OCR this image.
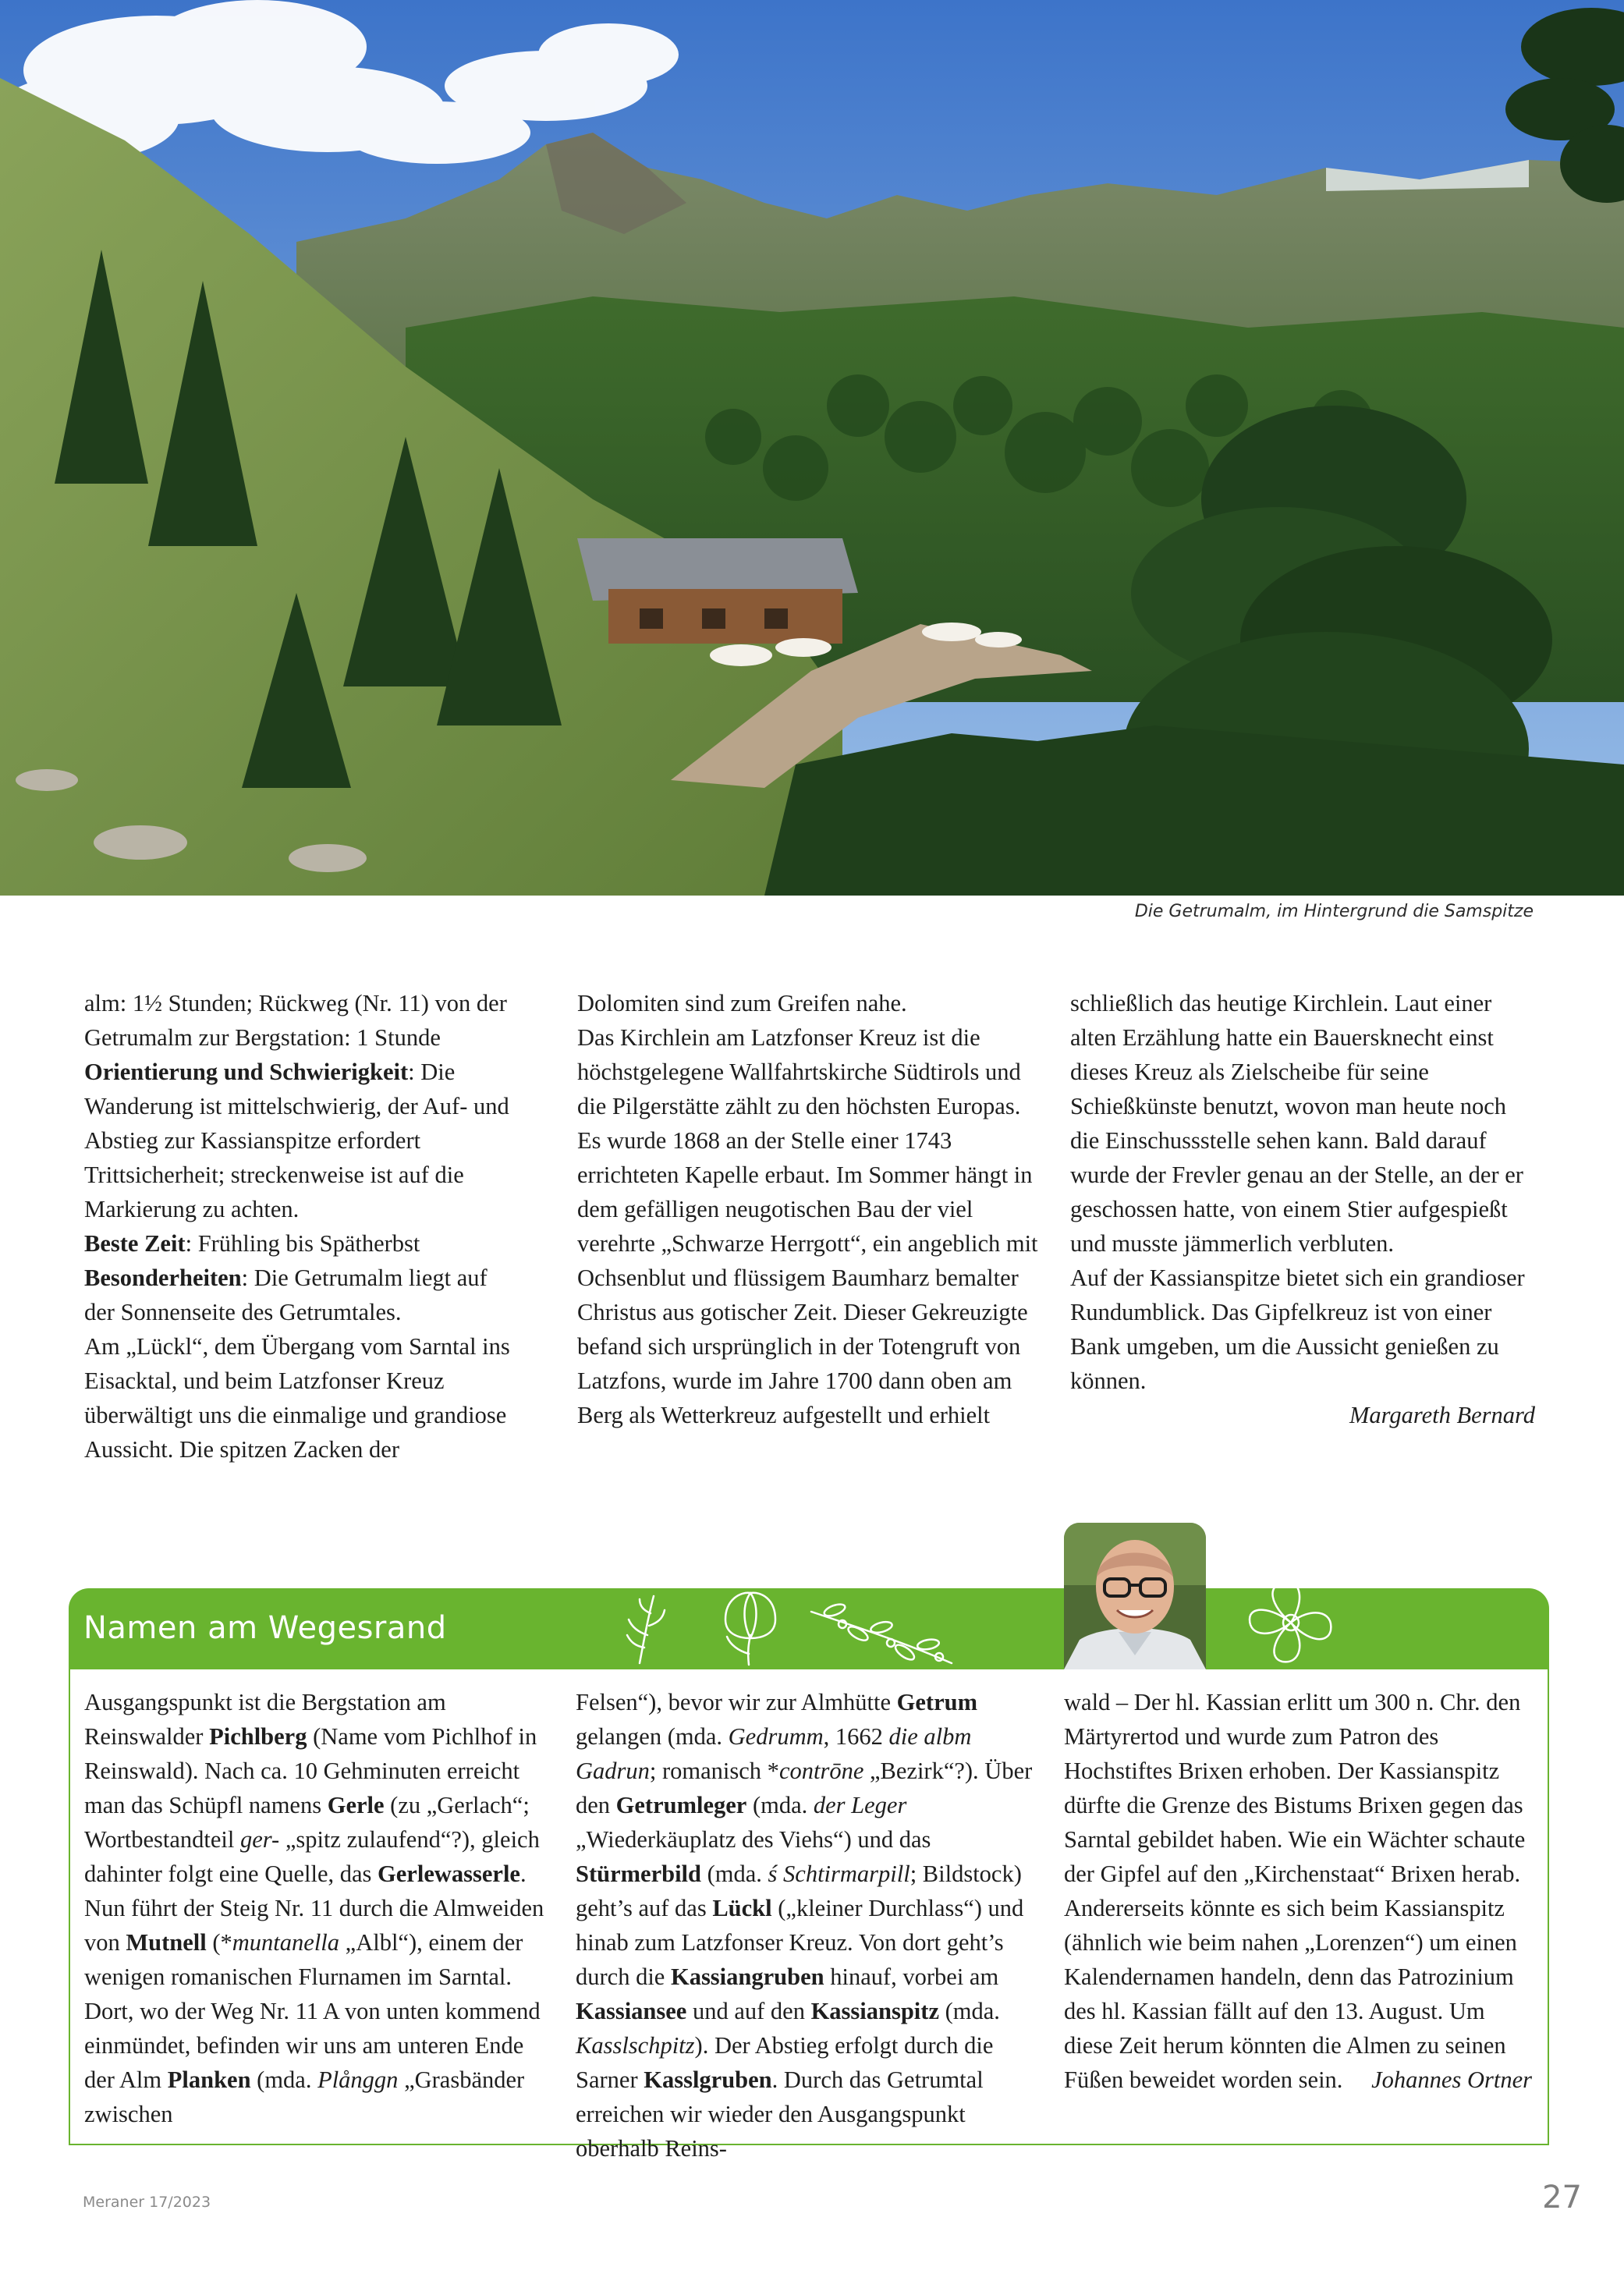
Die Getrumalm, im Hintergrund die Samspitze

alm: 1½ Stunden; Rückweg (Nr. 11) von der Getrumalm zur Bergstation: 1 Stunde

Orientierung und Schwierigkeit: Die Wanderung ist mittelschwierig, der Auf- und Abstieg zur Kassianspitze erfordert Trittsicherheit; streckenweise ist auf die Markierung zu achten.

Beste Zeit: Frühling bis Spätherbst

Besonderheiten: Die Getrumalm liegt auf der Sonnenseite des Getrumtales.

Am „Lückl“, dem Übergang vom Sarntal ins Eisacktal, und beim Latzfonser Kreuz überwältigt uns die einmalige und grandiose Aussicht. Die spitzen Zacken der

Dolomiten sind zum Greifen nahe.

Das Kirchlein am Latzfonser Kreuz ist die höchstgelegene Wallfahrtskirche Südtirols und die Pilgerstätte zählt zu den höchsten Europas. Es wurde 1868 an der Stelle einer 1743 errichteten Kapelle erbaut. Im Sommer hängt in dem gefälligen neugotischen Bau der viel verehrte „Schwarze Herrgott“, ein angeblich mit Ochsenblut und flüssigem Baumharz bemalter Christus aus gotischer Zeit. Dieser Gekreuzigte befand sich ursprünglich in der Totengruft von Latzfons, wurde im Jahre 1700 dann oben am Berg als Wetterkreuz aufgestellt und erhielt

schließlich das heutige Kirchlein. Laut einer alten Erzählung hatte ein Bauersknecht einst dieses Kreuz als Zielscheibe für seine Schießkünste benutzt, wovon man heute noch die Einschussstelle sehen kann. Bald darauf wurde der Frevler genau an der Stelle, an der er geschossen hatte, von einem Stier aufgespießt und musste jämmerlich verbluten.

Auf der Kassianspitze bietet sich ein grandioser Rundumblick. Das Gipfelkreuz ist von einer Bank umgeben, um die Aussicht genießen zu können.

Margareth Bernard

Namen am Wegesrand

Ausgangspunkt ist die Bergstation am Reinswalder Pichlberg (Name vom Pichlhof in Reinswald). Nach ca. 10 Gehminuten erreicht man das Schüpfl namens Gerle (zu „Gerlach“; Wortbestandteil ger- „spitz zulaufend“?), gleich dahinter folgt eine Quelle, das Gerlewasserle. Nun führt der Steig Nr. 11 durch die Almweiden von Mutnell (*muntanella „Albl“), einem der wenigen romanischen Flurnamen im Sarntal. Dort, wo der Weg Nr. 11 A von unten kommend einmündet, befinden wir uns am unteren Ende der Alm Planken (mda. Plånggn „Grasbänder zwischen

Felsen“), bevor wir zur Almhütte Getrum gelangen (mda. Gedrumm, 1662 die albm Gadrun; romanisch *contrōne „Bezirk“?). Über den Getrumleger (mda. der Leger „Wiederkäuplatz des Viehs“) und das Stürmerbild (mda. ś Schtirmarpill; Bildstock) geht’s auf das Lückl („kleiner Durchlass“) und hinab zum Latzfonser Kreuz. Von dort geht’s durch die Kassiangruben hinauf, vorbei am Kassiansee und auf den Kassianspitz (mda. Kasslschpitz). Der Abstieg erfolgt durch die Sarner Kasslgruben. Durch das Getrumtal erreichen wir wieder den Ausgangspunkt oberhalb Reins-

wald – Der hl. Kassian erlitt um 300 n. Chr. den Märtyrertod und wurde zum Patron des Hochstiftes Brixen erhoben. Der Kassianspitz dürfte die Grenze des Bistums Brixen gegen das Sarntal gebildet haben. Wie ein Wächter schaute der Gipfel auf den „Kirchenstaat“ Brixen herab. Andererseits könnte es sich beim Kassianspitz (ähnlich wie beim nahen „Lorenzen“) um einen Kalendernamen handeln, denn das Patrozinium des hl. Kassian fällt auf den 13. August. Um diese Zeit herum könnten die Almen zu seinen Füßen beweidet worden sein.	Johannes Ortner

Meraner 17/2023	27
